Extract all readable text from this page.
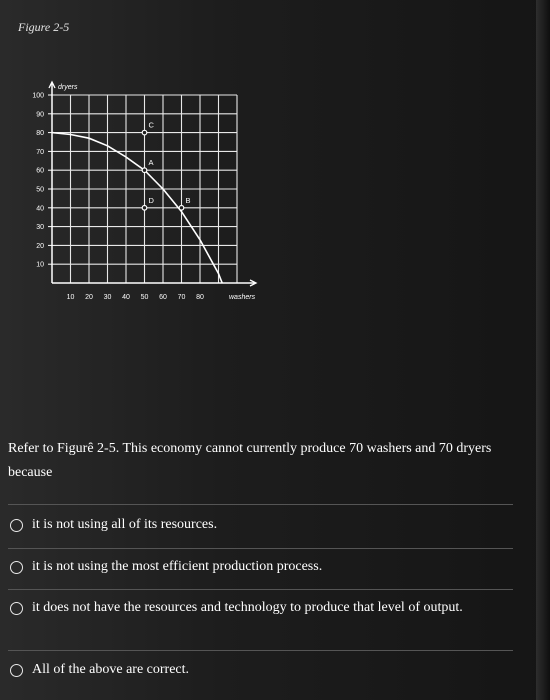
Figure 2-5
dryers
washers
10
20
30
40
50
60
70
80
90
100
10 20 30 40 50 60 70 80
C
A
D	B
Refer to Figurȇ 2-5. This economy cannot currently produce 70 washers and 70 dryers because
it is not using all of its resources.
it is not using the most efficient production process.
it does not have the resources and technology to produce that level of output.
All of the above are correct.
